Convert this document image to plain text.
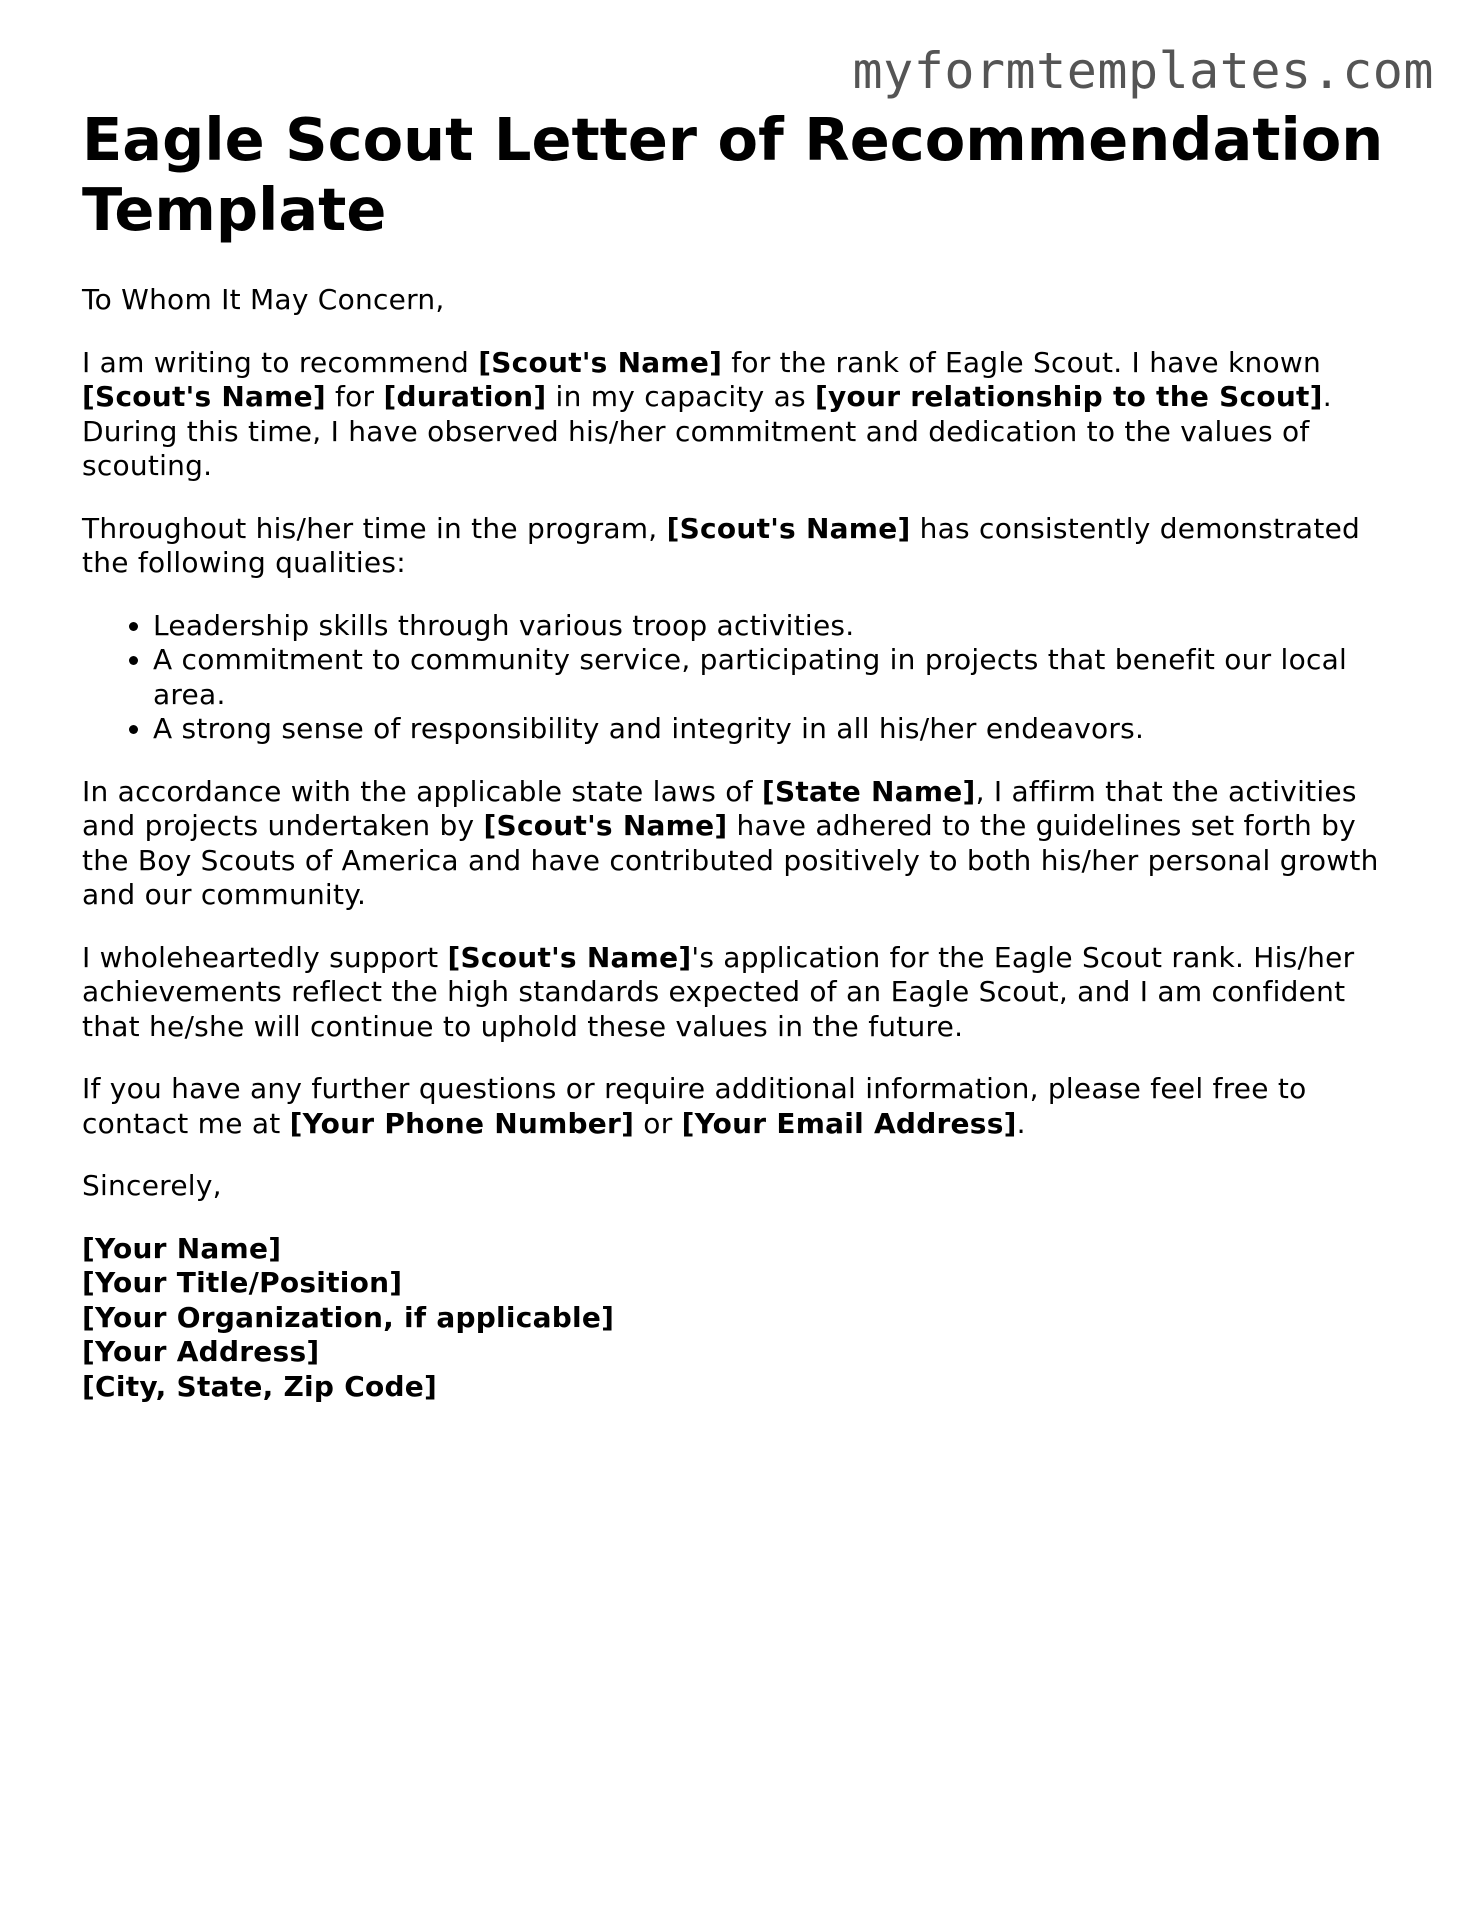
myformtemplates.com
Eagle Scout Letter of Recommendation Template

To Whom It May Concern,

I am writing to recommend [Scout's Name] for the rank of Eagle Scout. I have known [Scout's Name] for [duration] in my capacity as [your relationship to the Scout]. During this time, I have observed his/her commitment and dedication to the values of scouting.

Throughout his/her time in the program, [Scout's Name] has consistently demonstrated the following qualities:

• Leadership skills through various troop activities.
• A commitment to community service, participating in projects that benefit our local area.
• A strong sense of responsibility and integrity in all his/her endeavors.

In accordance with the applicable state laws of [State Name], I affirm that the activities and projects undertaken by [Scout's Name] have adhered to the guidelines set forth by the Boy Scouts of America and have contributed positively to both his/her personal growth and our community.

I wholeheartedly support [Scout's Name]'s application for the Eagle Scout rank. His/her achievements reflect the high standards expected of an Eagle Scout, and I am confident that he/she will continue to uphold these values in the future.

If you have any further questions or require additional information, please feel free to contact me at [Your Phone Number] or [Your Email Address].

Sincerely,

[Your Name]
[Your Title/Position]
[Your Organization, if applicable]
[Your Address]
[City, State, Zip Code]
